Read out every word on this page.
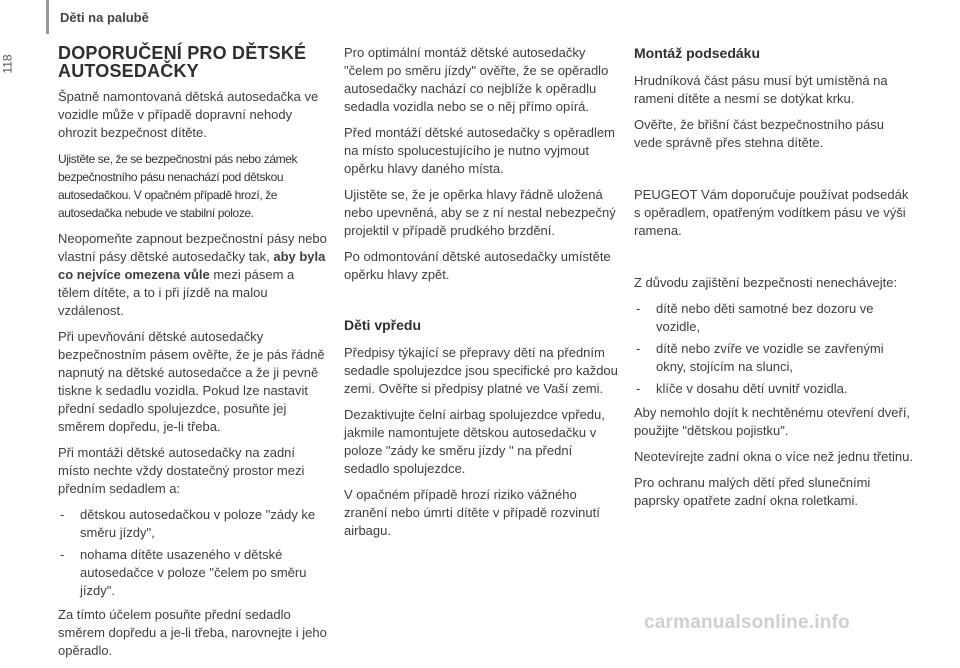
118
Děti na palubě
DOPORUČENÍ PRO DĚTSKÉ AUTOSEDAČKY

Špatně namontovaná dětská autosedačka ve vozidle může v případě dopravní nehody ohrozit bezpečnost dítěte.

Ujistěte se, že se bezpečnostní pás nebo zámek bezpečnostního pásu nenachází pod dětskou autosedačkou. V opačném případě hrozí, že autosedačka nebude ve stabilní poloze.

Neopomeňte zapnout bezpečnostní pásy nebo vlastní pásy dětské autosedačky tak, aby byla co nejvíce omezena vůle mezi pásem a tělem dítěte, a to i při jízdě na malou vzdálenost.

Při upevňování dětské autosedačky bezpečnostním pásem ověřte, že je pás řádně napnutý na dětské autosedačce a že ji pevně tiskne k sedadlu vozidla. Pokud lze nastavit přední sedadlo spolujezdce, posuňte jej směrem dopředu, je-li třeba.

Při montáži dětské autosedačky na zadní místo nechte vždy dostatečný prostor mezi předním sedadlem a:

- dětskou autosedačkou v poloze "zády ke směru jízdy",
- nohama dítěte usazeného v dětské autosedačce v poloze "čelem po směru jízdy".

Za tímto účelem posuňte přední sedadlo směrem dopředu a je-li třeba, narovnejte i jeho opěradlo.

Pro optimální montáž dětské autosedačky "čelem po směru jízdy" ověřte, že se opěradlo autosedačky nachází co nejblíže k opěradlu sedadla vozidla nebo se o něj přímo opírá.

Před montáží dětské autosedačky s opěradlem na místo spolucestujícího je nutno vyjmout opěrku hlavy daného místa.

Ujistěte se, že je opěrka hlavy řádně uložená nebo upevněná, aby se z ní nestal nebezpečný projektil v případě prudkého brzdění.

Po odmontování dětské autosedačky umístěte opěrku hlavy zpět.

Děti vpředu

Předpisy týkající se přepravy dětí na předním sedadle spolujezdce jsou specifické pro každou zemi. Ověřte si předpisy platné ve Vaší zemi.

Dezaktivujte čelní airbag spolujezdce vpředu, jakmile namontujete dětskou autosedačku v poloze "zády ke směru jízdy " na přední sedadlo spolujezdce.

V opačném případě hrozí riziko vážného zranění nebo úmrtí dítěte v případě rozvinutí airbagu.

Montáž podsedáku

Hrudníková část pásu musí být umístěná na rameni dítěte a nesmí se dotýkat krku.

Ověřte, že břišní část bezpečnostního pásu vede správně přes stehna dítěte.

PEUGEOT Vám doporučuje používat podsedák s opěradlem, opatřeným vodítkem pásu ve výši ramena.

Z důvodu zajištění bezpečnosti nenechávejte:

- dítě nebo děti samotné bez dozoru ve vozidle,
- dítě nebo zvíře ve vozidle se zavřenými okny, stojícím na slunci,
- klíče v dosahu dětí uvnitř vozidla.

Aby nemohlo dojít k nechtěnému otevření dveří, použijte "dětskou pojistku".

Neotevírejte zadní okna o více než jednu třetinu.

Pro ochranu malých dětí před slunečními paprsky opatřete zadní okna roletkami.

carmanualsonline.info
